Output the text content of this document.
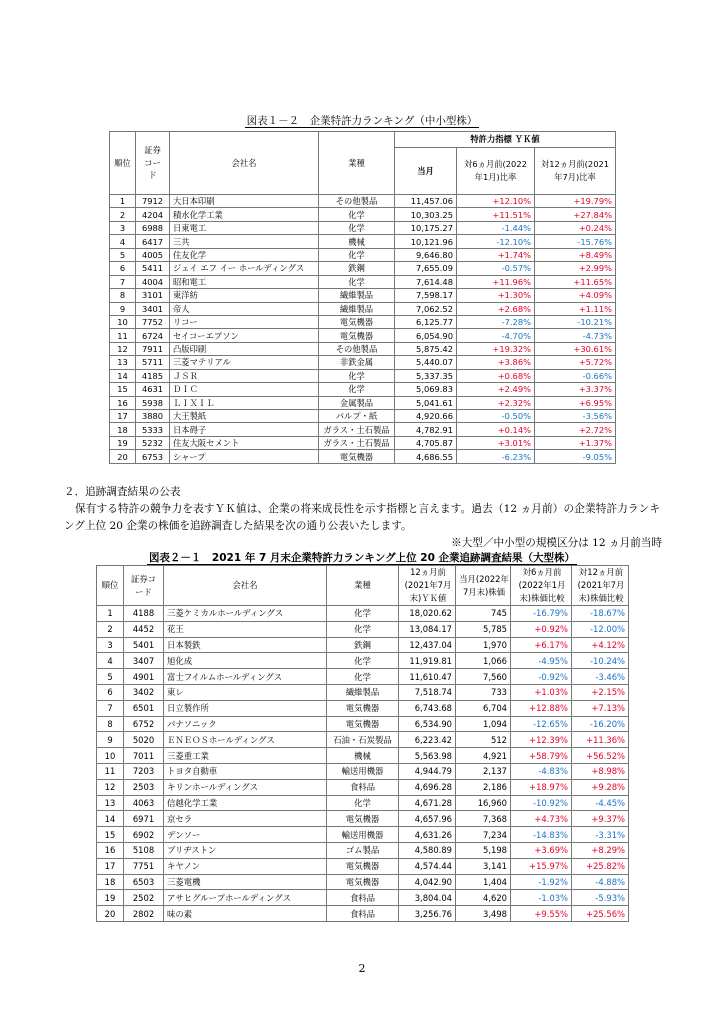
図表１－２　企業特許力ランキング（中小型株）
順位	証券コード	会社名	業種	特許力指標 ＹＫ値		
				当月	対6ヵ月前(2022年1月)比率	対12ヵ月前(2021年7月)比率
1	7912	大日本印刷	その他製品	11,457.06	+12.10%	+19.79%
2	4204	積水化学工業	化学	10,303.25	+11.51%	+27.84%
3	6988	日東電工	化学	10,175.27	-1.44%	+0.24%
4	6417	三共	機械	10,121.96	-12.10%	-15.76%
5	4005	住友化学	化学	9,646.80	+1.74%	+8.49%
6	5411	ジェイ エフ イー ホールディングス	鉄鋼	7,655.09	-0.57%	+2.99%
7	4004	昭和電工	化学	7,614.48	+11.96%	+11.65%
8	3101	東洋紡	繊維製品	7,598.17	+1.30%	+4.09%
9	3401	帝人	繊維製品	7,062.52	+2.68%	+1.11%
10	7752	リコー	電気機器	6,125.77	-7.28%	-10.21%
11	6724	セイコーエプソン	電気機器	6,054.90	-4.70%	-4.73%
12	7911	凸版印刷	その他製品	5,875.42	+19.32%	+30.61%
13	5711	三菱マテリアル	非鉄金属	5,440.07	+3.86%	+5.72%
14	4185	ＪＳＲ	化学	5,337.35	+0.68%	-0.66%
15	4631	ＤＩＣ	化学	5,069.83	+2.49%	+3.37%
16	5938	ＬＩＸＩＬ	金属製品	5,041.61	+2.32%	+6.95%
17	3880	大王製紙	パルプ・紙	4,920.66	-0.50%	-3.56%
18	5333	日本碍子	ガラス・土石製品	4,782.91	+0.14%	+2.72%
19	5232	住友大阪セメント	ガラス・土石製品	4,705.87	+3.01%	+1.37%
20	6753	シャープ	電気機器	4,686.55	-6.23%	-9.05%

２．追跡調査結果の公表

保有する特許の競争力を表すＹＫ値は、企業の将来成長性を示す指標と言えます。過去（12 ヵ月前）の企業特許力ランキング上位 20 企業の株価を追跡調査した結果を次の通り公表いたします。

※大型／中小型の規模区分は 12 ヵ月前当時

図表２－１　2021 年 7 月末企業特許力ランキング上位 20 企業追跡調査結果（大型株）
順位	証券コード	会社名	業種	12ヵ月前(2021年7月末)ＹＫ値	当月(2022年7月末)株価	対6ヵ月前(2022年1月末)株価比較	対12ヵ月前(2021年7月末)株価比較
1	4188	三菱ケミカルホールディングス	化学	18,020.62	745	-16.79%	-18.67%
2	4452	花王	化学	13,084.17	5,785	+0.92%	-12.00%
3	5401	日本製鉄	鉄鋼	12,437.04	1,970	+6.17%	+4.12%
4	3407	旭化成	化学	11,919.81	1,066	-4.95%	-10.24%
5	4901	富士フイルムホールディングス	化学	11,610.47	7,560	-0.92%	-3.46%
6	3402	東レ	繊維製品	7,518.74	733	+1.03%	+2.15%
7	6501	日立製作所	電気機器	6,743.68	6,704	+12.88%	+7.13%
8	6752	パナソニック	電気機器	6,534.90	1,094	-12.65%	-16.20%
9	5020	ＥＮＥＯＳホールディングス	石油・石炭製品	6,223.42	512	+12.39%	+11.36%
10	7011	三菱重工業	機械	5,563.98	4,921	+58.79%	+56.52%
11	7203	トヨタ自動車	輸送用機器	4,944.79	2,137	-4.83%	+8.98%
12	2503	キリンホールディングス	食料品	4,696.28	2,186	+18.97%	+9.28%
13	4063	信越化学工業	化学	4,671.28	16,960	-10.92%	-4.45%
14	6971	京セラ	電気機器	4,657.96	7,368	+4.73%	+9.37%
15	6902	デンソー	輸送用機器	4,631.26	7,234	-14.83%	-3.31%
16	5108	ブリヂストン	ゴム製品	4,580.89	5,198	+3.69%	+8.29%
17	7751	キヤノン	電気機器	4,574.44	3,141	+15.97%	+25.82%
18	6503	三菱電機	電気機器	4,042.90	1,404	-1.92%	-4.88%
19	2502	アサヒグループホールディングス	食料品	3,804.04	4,620	-1.03%	-5.93%
20	2802	味の素	食料品	3,256.76	3,498	+9.55%	+25.56%
2
